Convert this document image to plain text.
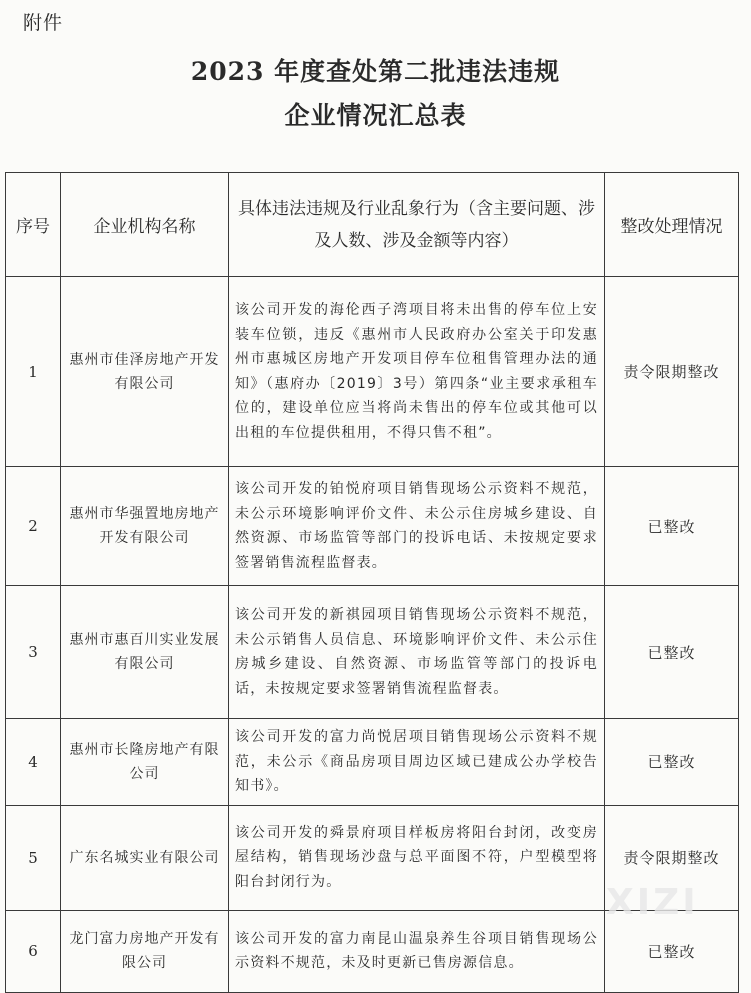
附件
2023 年度查处第二批违法违规
企业情况汇总表
序号	企业机构名称	具体违法违规及行业乱象行为（含主要问题、涉及人数、涉及金额等内容）	整改处理情况
1	惠州市佳泽房地产开发有限公司	该公司开发的海伦西子湾项目将未出售的停车位上安装车位锁，违反《惠州市人民政府办公室关于印发惠州市惠城区房地产开发项目停车位租售管理办法的通知》（惠府办〔2019〕3号）第四条“业主要求承租车位的，建设单位应当将尚未售出的停车位或其他可以出租的车位提供租用，不得只售不租”。	责令限期整改
2	惠州市华强置地房地产开发有限公司	该公司开发的铂悦府项目销售现场公示资料不规范，未公示环境影响评价文件、未公示住房城乡建设、自然资源、市场监管等部门的投诉电话、未按规定要求签署销售流程监督表。	已整改
3	惠州市惠百川实业发展有限公司	该公司开发的新祺园项目销售现场公示资料不规范，未公示销售人员信息、环境影响评价文件、未公示住房城乡建设、自然资源、市场监管等部门的投诉电话，未按规定要求签署销售流程监督表。	已整改
4	惠州市长隆房地产有限公司	该公司开发的富力尚悦居项目销售现场公示资料不规范，未公示《商品房项目周边区域已建成公办学校告知书》。	已整改
5	广东名城实业有限公司	该公司开发的舜景府项目样板房将阳台封闭，改变房屋结构，销售现场沙盘与总平面图不符，户型模型将阳台封闭行为。	责令限期整改
6	龙门富力房地产开发有限公司	该公司开发的富力南昆山温泉养生谷项目销售现场公示资料不规范，未及时更新已售房源信息。	已整改
XIZI
